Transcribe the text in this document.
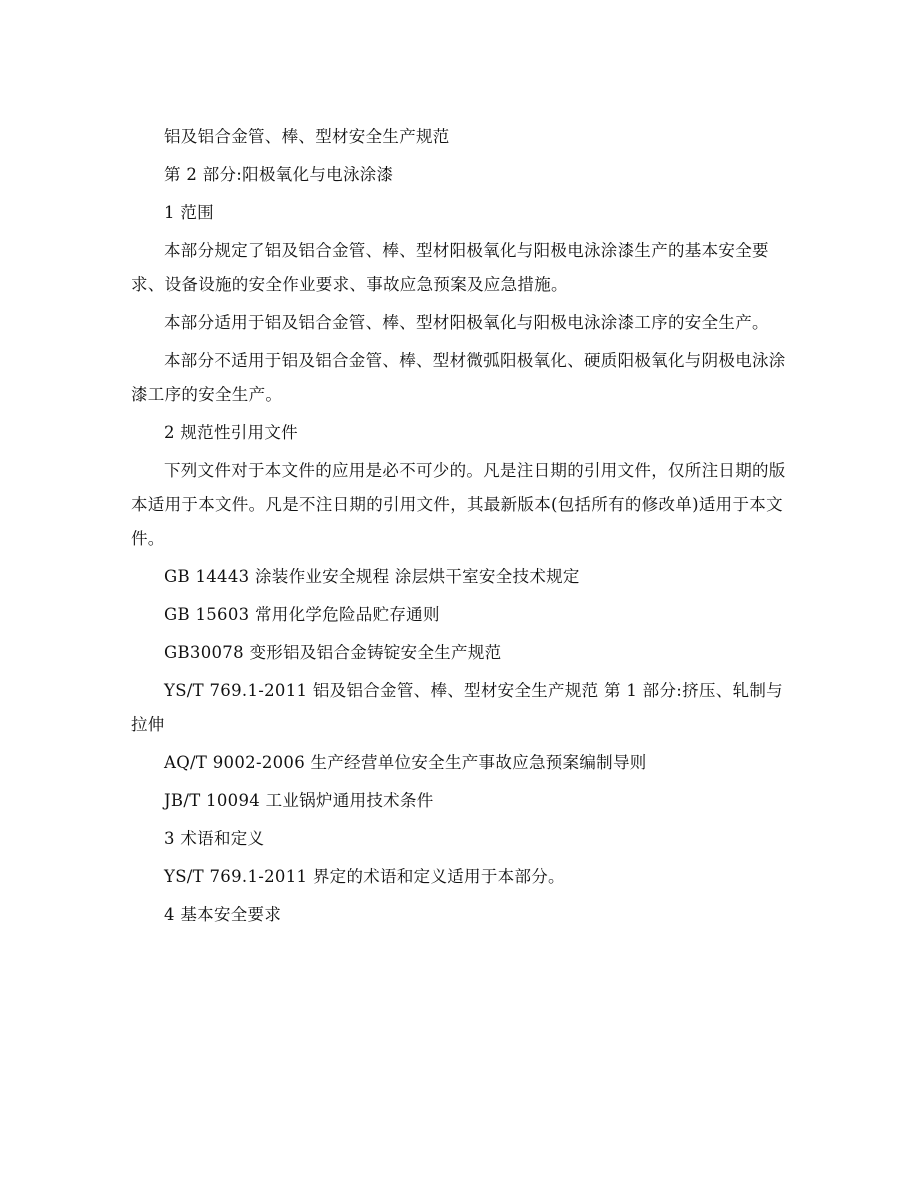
铝及铝合金管、棒、型材安全生产规范

第 2 部分:阳极氧化与电泳涂漆

1 范围

本部分规定了铝及铝合金管、棒、型材阳极氧化与阳极电泳涂漆生产的基本安全要求、设备设施的安全作业要求、事故应急预案及应急措施。

本部分适用于铝及铝合金管、棒、型材阳极氧化与阳极电泳涂漆工序的安全生产。

本部分不适用于铝及铝合金管、棒、型材微弧阳极氧化、硬质阳极氧化与阴极电泳涂漆工序的安全生产。

2 规范性引用文件

下列文件对于本文件的应用是必不可少的。凡是注日期的引用文件，仅所注日期的版本适用于本文件。凡是不注日期的引用文件，其最新版本(包括所有的修改单)适用于本文件。

GB 14443 涂装作业安全规程 涂层烘干室安全技术规定

GB 15603 常用化学危险品贮存通则

GB30078 变形铝及铝合金铸锭安全生产规范

YS/T 769.1-2011 铝及铝合金管、棒、型材安全生产规范 第 1 部分:挤压、轧制与拉伸

AQ/T 9002-2006 生产经营单位安全生产事故应急预案编制导则

JB/T 10094 工业锅炉通用技术条件

3 术语和定义

YS/T 769.1-2011 界定的术语和定义适用于本部分。

4 基本安全要求
